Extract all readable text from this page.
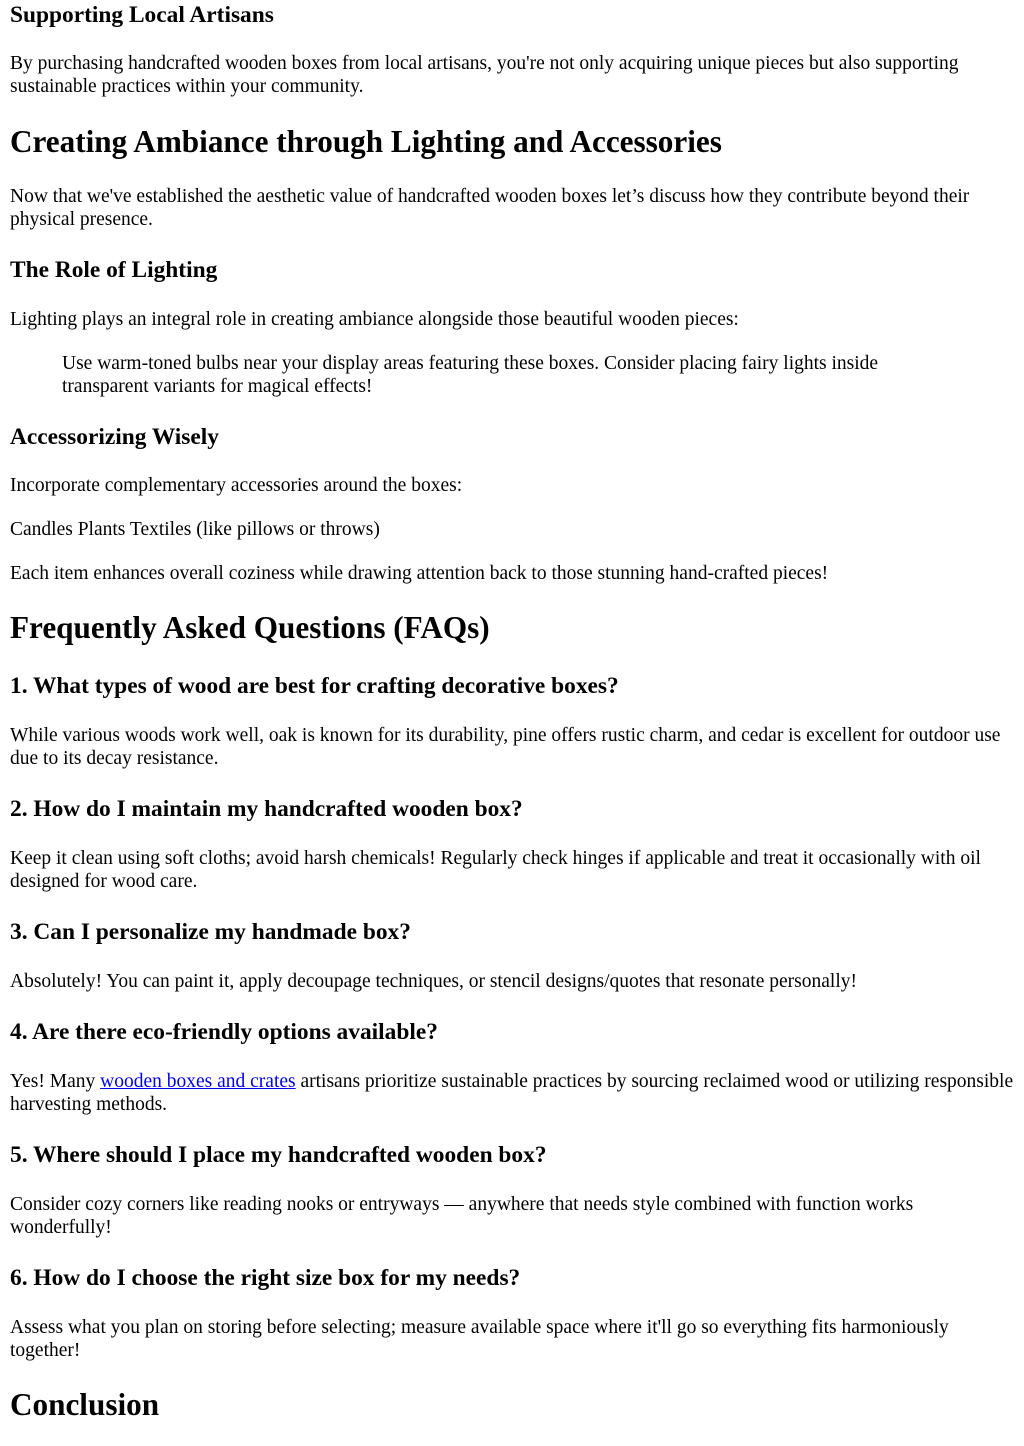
Supporting Local Artisans

By purchasing handcrafted wooden boxes from local artisans, you're not only acquiring unique pieces but also supporting sustainable practices within your community.

Creating Ambiance through Lighting and Accessories

Now that we've established the aesthetic value of handcrafted wooden boxes let’s discuss how they contribute beyond their physical presence.

The Role of Lighting

Lighting plays an integral role in creating ambiance alongside those beautiful wooden pieces:

Use warm-toned bulbs near your display areas featuring these boxes. Consider placing fairy lights inside transparent variants for magical effects!
Accessorizing Wisely

Incorporate complementary accessories around the boxes:

Candles Plants Textiles (like pillows or throws)

Each item enhances overall coziness while drawing attention back to those stunning hand-crafted pieces!

Frequently Asked Questions (FAQs)
1. What types of wood are best for crafting decorative boxes?

While various woods work well, oak is known for its durability, pine offers rustic charm, and cedar is excellent for outdoor use due to its decay resistance.

2. How do I maintain my handcrafted wooden box?

Keep it clean using soft cloths; avoid harsh chemicals! Regularly check hinges if applicable and treat it occasionally with oil designed for wood care.

3. Can I personalize my handmade box?

Absolutely! You can paint it, apply decoupage techniques, or stencil designs/quotes that resonate personally!

4. Are there eco-friendly options available?

Yes! Many wooden boxes and crates artisans prioritize sustainable practices by sourcing reclaimed wood or utilizing responsible harvesting methods.

5. Where should I place my handcrafted wooden box?

Consider cozy corners like reading nooks or entryways — anywhere that needs style combined with function works wonderfully!

6. How do I choose the right size box for my needs?

Assess what you plan on storing before selecting; measure available space where it'll go so everything fits harmoniously together!

Conclusion
